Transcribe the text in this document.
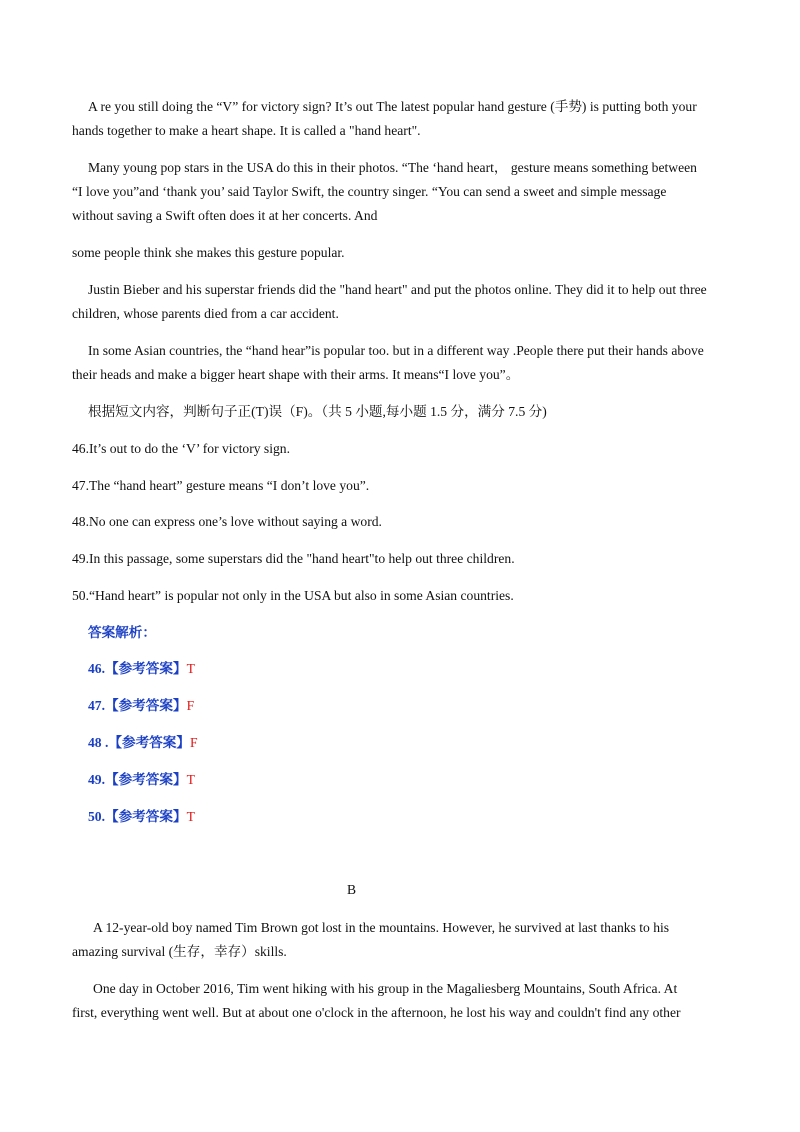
A re you still doing the “V” for victory sign? It’s out The latest popular hand gesture (手势) is putting both your
hands together to make a heart shape. It is called a "hand heart".
Many young pop stars in the USA do this in their photos. “The ‘hand heart， gesture means something between
“I love you”and ‘thank you’ said Taylor Swift, the country singer. “You can send a sweet and simple message
without saving a Swift often does it at her concerts. And
some people think she makes this gesture popular.
Justin Bieber and his superstar friends did the "hand heart" and put the photos online. They did it to help out three
children, whose parents died from a car accident.
In some Asian countries, the “hand hear”is popular too. but in a different way .People there put their hands above
their heads and make a bigger heart shape with their arms. It means“I love you”。
根据短文内容，判断句子正(T)误（F)。（共 5 小题,每小题 1.5 分，满分 7.5 分)
46.It’s out to do the ‘V’ for victory sign.
47.The “hand heart” gesture means “I don’t love you”.
48.No one can express one’s love without saying a word.
49.In this passage, some superstars did the "hand heart"to help out three children.
50.“Hand heart” is popular not only in the USA but also in some Asian countries.
答案解析：
46.【参考答案】T
47.【参考答案】F
48 .【参考答案】F
49.【参考答案】T
50.【参考答案】T
B
A 12-year-old boy named Tim Brown got lost in the mountains. However, he survived at last thanks to his
amazing survival (生存，幸存）skills.
One day in October 2016, Tim went hiking with his group in the Magaliesberg Mountains, South Africa. At
first, everything went well. But at about one o'clock in the afternoon, he lost his way and couldn't find any other
